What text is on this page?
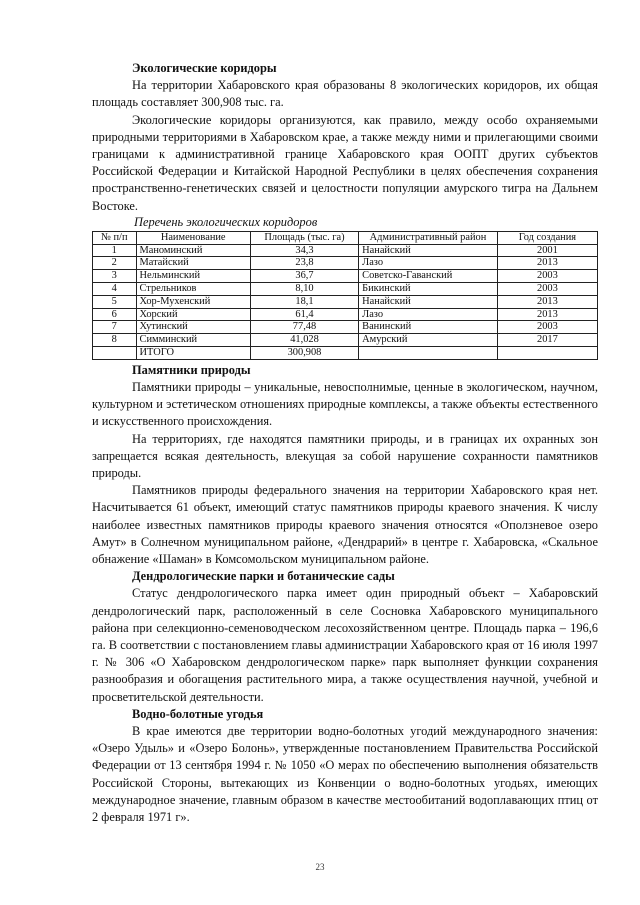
Экологические коридоры

На территории Хабаровского края образованы 8 экологических коридоров, их общая площадь составляет 300,908 тыс. га.

Экологические коридоры организуются, как правило, между особо охраняемыми природными территориями в Хабаровском крае, а также между ними и прилегающими своими границами к административной границе Хабаровского края ООПТ других субъектов Российской Федерации и Китайской Народной Республики в целях обеспечения сохранения пространственно-генетических связей и целостности популяции амурского тигра на Дальнем Востоке.

Перечень экологических коридоров

№ п/п	Наименование	Площадь (тыс. га)	Административный район	Год создания
1	Маноминский	34,3	Нанайский	2001
2	Матайский	23,8	Лазо	2013
3	Нельминский	36,7	Советско-Гаванский	2003
4	Стрельников	8,10	Бикинский	2003
5	Хор-Мухенский	18,1	Нанайский	2013
6	Хорский	61,4	Лазо	2013
7	Хутинский	77,48	Ванинский	2003
8	Симминский	41,028	Амурский	2017
	ИТОГО	300,908		

Памятники природы

Памятники природы – уникальные, невосполнимые, ценные в экологическом, научном, культурном и эстетическом отношениях природные комплексы, а также объекты естественного и искусственного происхождения.

На территориях, где находятся памятники природы, и в границах их охранных зон запрещается всякая деятельность, влекущая за собой нарушение сохранности памятников природы.

Памятников природы федерального значения на территории Хабаровского края нет. Насчитывается 61 объект, имеющий статус памятников природы краевого значения. К числу наиболее известных памятников природы краевого значения относятся «Оползневое озеро Амут» в Солнечном муниципальном районе, «Дендрарий» в центре г. Хабаровска, «Скальное обнажение «Шаман» в Комсомольском муниципальном районе.

Дендрологические парки и ботанические сады

Статус дендрологического парка имеет один природный объект – Хабаровский дендрологический парк, расположенный в селе Сосновка Хабаровского муниципального района при селекционно-семеноводческом лесохозяйственном центре. Площадь парка – 196,6 га. В соответствии с постановлением главы администрации Хабаровского края от 16 июля 1997 г. № 306 «О Хабаровском дендрологическом парке» парк выполняет функции сохранения разнообразия и обогащения растительного мира, а также осуществления научной, учебной и просветительской деятельности.

Водно-болотные угодья

В крае имеются две территории водно-болотных угодий международного значения: «Озеро Удыль» и «Озеро Болонь», утвержденные постановлением Правительства Российской Федерации от 13 сентября 1994 г. № 1050 «О мерах по обеспечению выполнения обязательств Российской Стороны, вытекающих из Конвенции о водно-болотных угодьях, имеющих международное значение, главным образом в качестве местообитаний водоплавающих птиц от 2 февраля 1971 г».

23
